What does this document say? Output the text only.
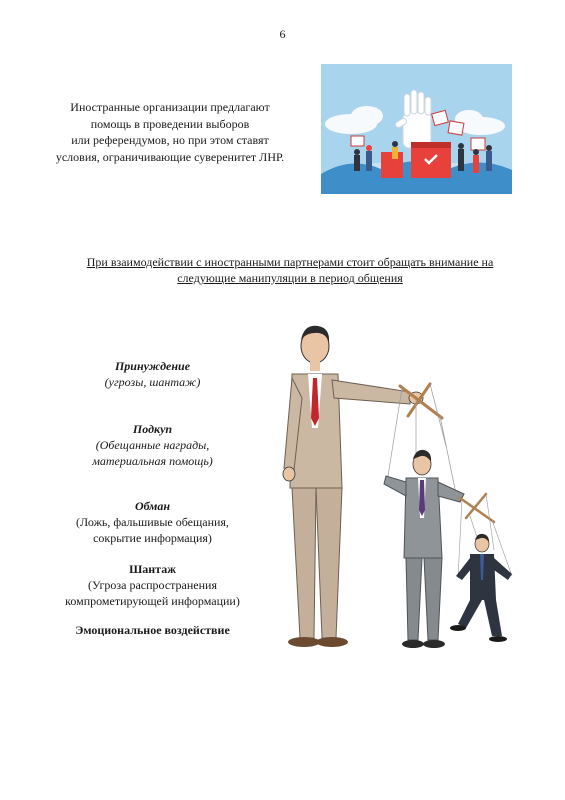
6
Иностранные организации предлагают
помощь в проведении выборов
или референдумов, но при этом ставят
условия, ограничивающие суверенитет ЛНР.
При взаимодействии с иностранными партнерами стоит обращать внимание на
следующие манипуляции в период общения
Принуждение
(угрозы, шантаж)
Подкуп
(Обещанные награды,
материальная помощь)
Обман
(Ложь, фальшивые обещания,
сокрытие информация)
Шантаж
(Угроза распространения
компрометирующей информации)
Эмоциональное воздействие
